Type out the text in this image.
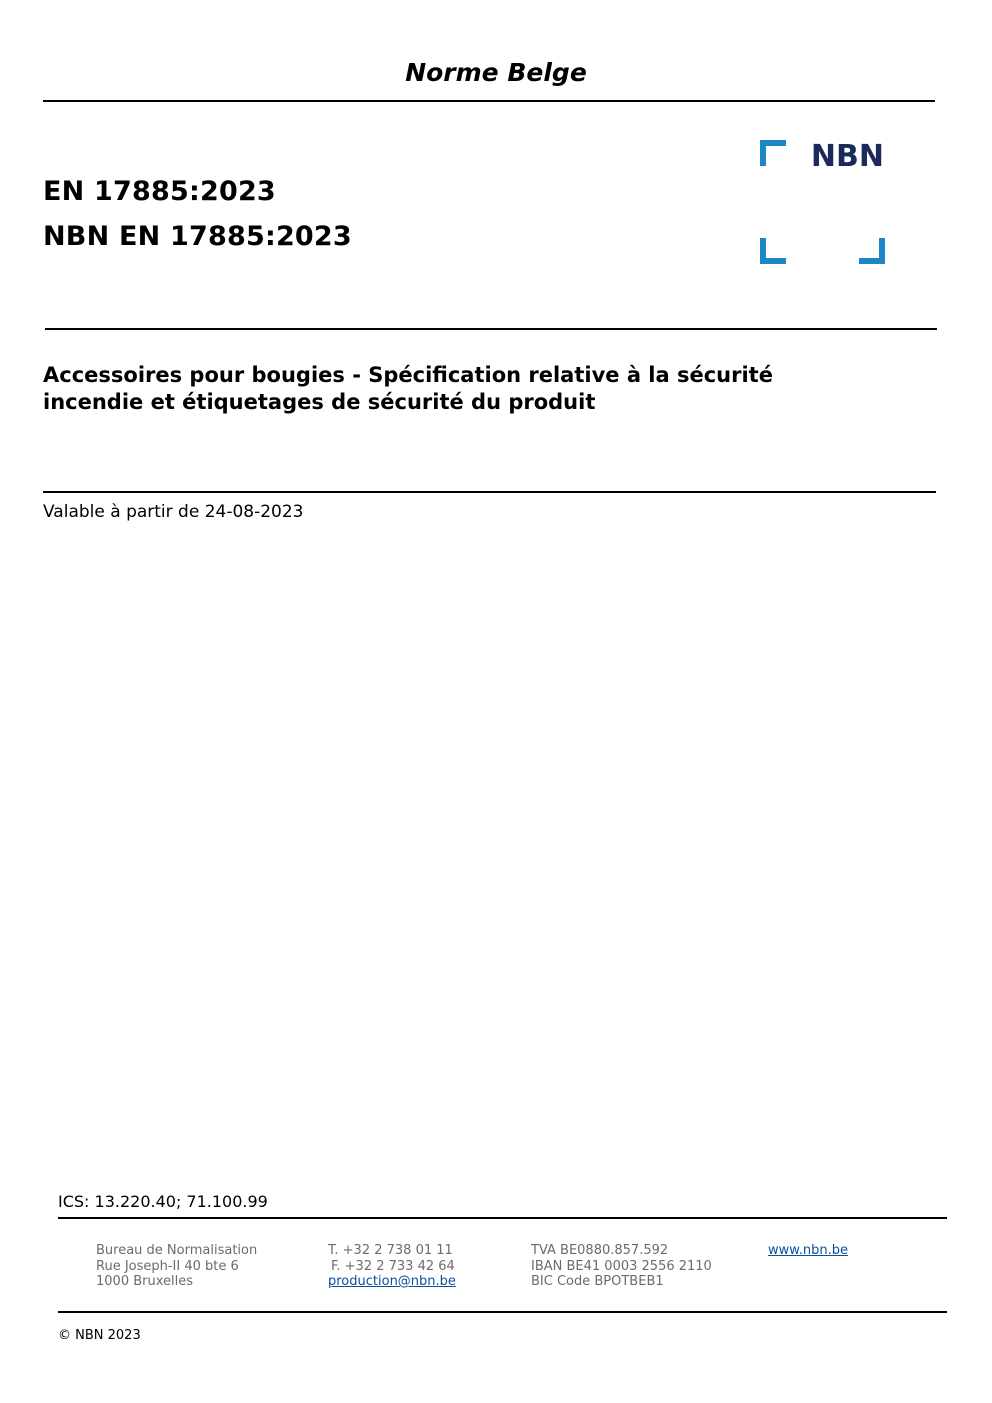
Norme Belge
EN 17885:2023
NBN EN 17885:2023
NBN
Accessoires pour bougies - Spécification relative à la sécurité
incendie et étiquetages de sécurité du produit
Valable à partir de 24-08-2023
ICS: 13.220.40; 71.100.99
Bureau de Normalisation
Rue Joseph-II 40 bte 6
1000 Bruxelles
T. +32 2 738 01 11
F. +32 2 733 42 64
production@nbn.be
TVA BE0880.857.592
IBAN BE41 0003 2556 2110
BIC Code BPOTBEB1
www.nbn.be
© NBN 2023
